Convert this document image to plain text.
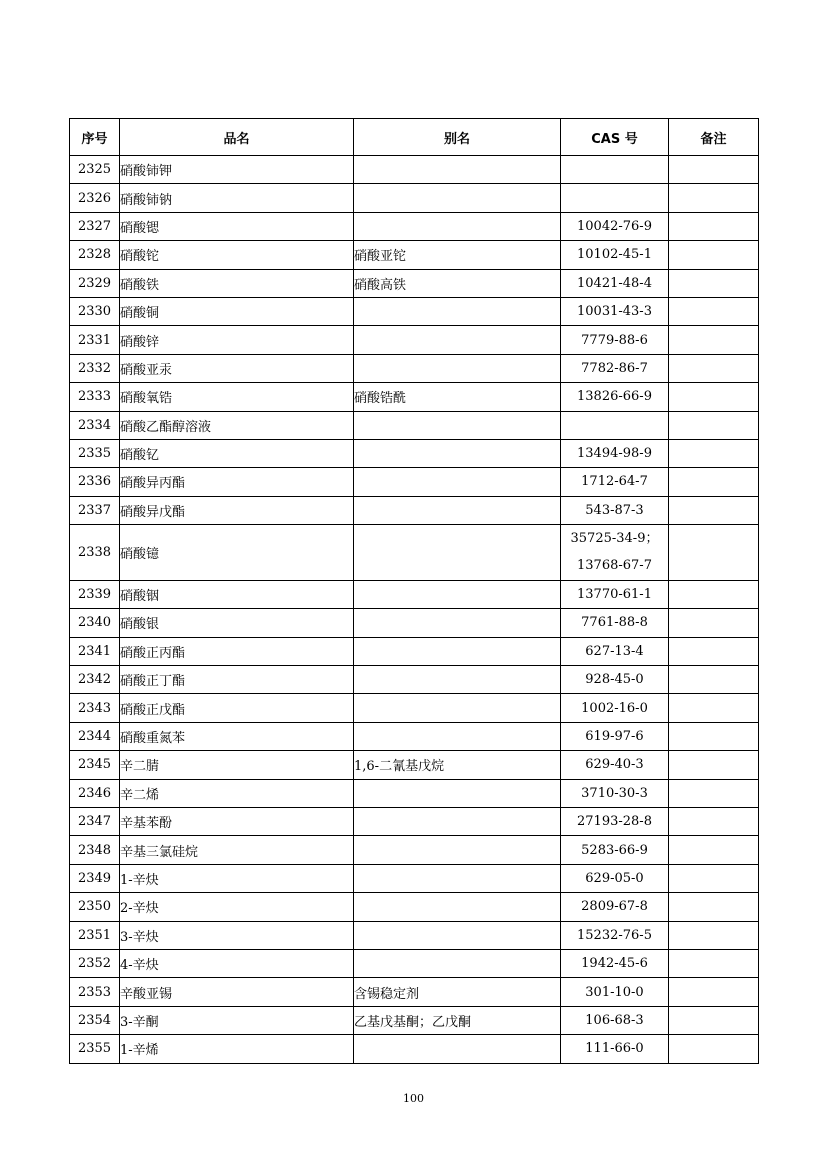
序号	品名	别名	CAS 号	备注
2325	硝酸铈钾		

2326	硝酸铈钠		

2327	硝酸锶		10042-76-9	

2328	硝酸铊	硝酸亚铊	10102-45-1	

2329	硝酸铁	硝酸高铁	10421-48-4	

2330	硝酸铜		10031-43-3	

2331	硝酸锌		7779-88-6	

2332	硝酸亚汞		7782-86-7	

2333	硝酸氧锆	硝酸锆酰	13826-66-9	

2334	硝酸乙酯醇溶液		

2335	硝酸钇		13494-98-9	

2336	硝酸异丙酯		1712-64-7	

2337	硝酸异戊酯		543-87-3	

2338	硝酸镱		35725-34-9；
13768-67-7	

2339	硝酸铟		13770-61-1	

2340	硝酸银		7761-88-8	

2341	硝酸正丙酯		627-13-4	

2342	硝酸正丁酯		928-45-0	

2343	硝酸正戊酯		1002-16-0	

2344	硝酸重氮苯		619-97-6	

2345	辛二腈	1,6-二氰基戊烷	629-40-3	

2346	辛二烯		3710-30-3	

2347	辛基苯酚		27193-28-8	

2348	辛基三氯硅烷		5283-66-9	

2349	1-辛炔		629-05-0	

2350	2-辛炔		2809-67-8	

2351	3-辛炔		15232-76-5	

2352	4-辛炔		1942-45-6	

2353	辛酸亚锡	含锡稳定剂	301-10-0	

2354	3-辛酮	乙基戊基酮；乙戊酮	106-68-3	

2355	1-辛烯		111-66-0	

100
